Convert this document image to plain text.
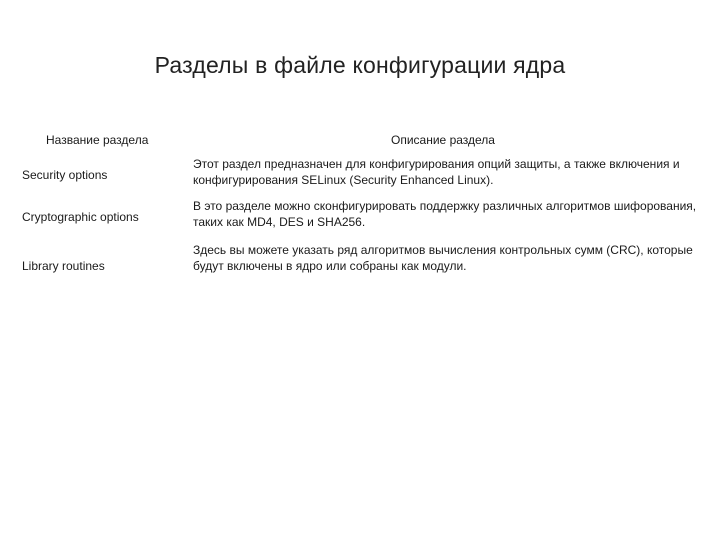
Разделы в файле конфигурации ядра
Название раздела	Описание раздела
Security options
Этот раздел предназначен для конфигурирования опций защиты, а также включения и конфигурирования SELinux (Security Enhanced Linux).
Cryptographic options
В это разделе можно сконфигурировать поддержку различных алгоритмов шифорования, таких как MD4, DES и SHA256.
Library routines
Здесь вы можете указать ряд алгоритмов вычисления контрольных сумм (CRC), которые будут включены в ядро или собраны как модули.
